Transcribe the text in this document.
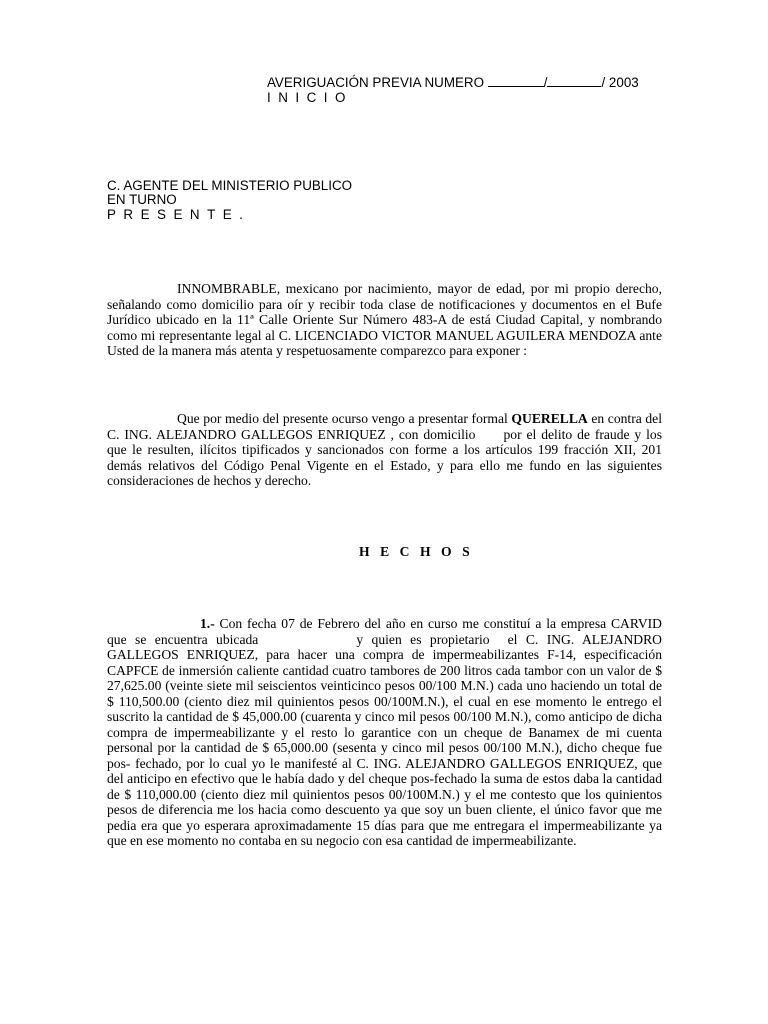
AVERIGUACIÓN PREVIA NUMERO	/	/ 2003
INICIO
C. AGENTE DEL MINISTERIO PUBLICO
EN TURNO
PRESENTE.
INNOMBRABLE, mexicano por nacimiento, mayor de edad, por mi propio derecho, señalando como domicilio para oír y recibir toda clase de notificaciones y documentos en el Bufe Jurídico ubicado en la 11ª Calle Oriente Sur Número 483-A de está Ciudad Capital, y nombrando como mi representante legal al C. LICENCIADO VICTOR MANUEL AGUILERA MENDOZA ante Usted de la manera más atenta y respetuosamente comparezco para exponer :
Que por medio del presente ocurso vengo a presentar formal QUERELLA en contra del C. ING. ALEJANDRO GALLEGOS ENRIQUEZ , con domicilio por el delito de fraude y los que le resulten, ilícitos tipificados y sancionados con forme a los artículos 199 fracción XII, 201 demás relativos del Código Penal Vigente en el Estado, y para ello me fundo en las siguientes consideraciones de hechos y derecho.
HECHOS
1.- Con fecha 07 de Febrero del año en curso me constituí a la empresa CARVID que se encuentra ubicada	y quien es propietario el C. ING. ALEJANDRO GALLEGOS ENRIQUEZ, para hacer una compra de impermeabilizantes F-14, especificación CAPFCE de inmersión caliente cantidad cuatro tambores de 200 litros cada tambor con un valor de $ 27,625.00 (veinte siete mil seiscientos veinticinco pesos 00/100 M.N.) cada uno haciendo un total de $ 110,500.00 (ciento diez mil quinientos pesos 00/100M.N.), el cual en ese momento le entrego el suscrito la cantidad de $ 45,000.00 (cuarenta y cinco mil pesos 00/100 M.N.), como anticipo de dicha compra de impermeabilizante y el resto lo garantice con un cheque de Banamex de mi cuenta personal por la cantidad de $ 65,000.00 (sesenta y cinco mil pesos 00/100 M.N.), dicho cheque fue pos- fechado, por lo cual yo le manifesté al C. ING. ALEJANDRO GALLEGOS ENRIQUEZ, que del anticipo en efectivo que le había dado y del cheque pos-fechado la suma de estos daba la cantidad de $ 110,000.00 (ciento diez mil quinientos pesos 00/100M.N.) y el me contesto que los quinientos pesos de diferencia me los hacia como descuento ya que soy un buen cliente, el único favor que me pedia era que yo esperara aproximadamente 15 días para que me entregara el impermeabilizante ya que en ese momento no contaba en su negocio con esa cantidad de impermeabilizante.
